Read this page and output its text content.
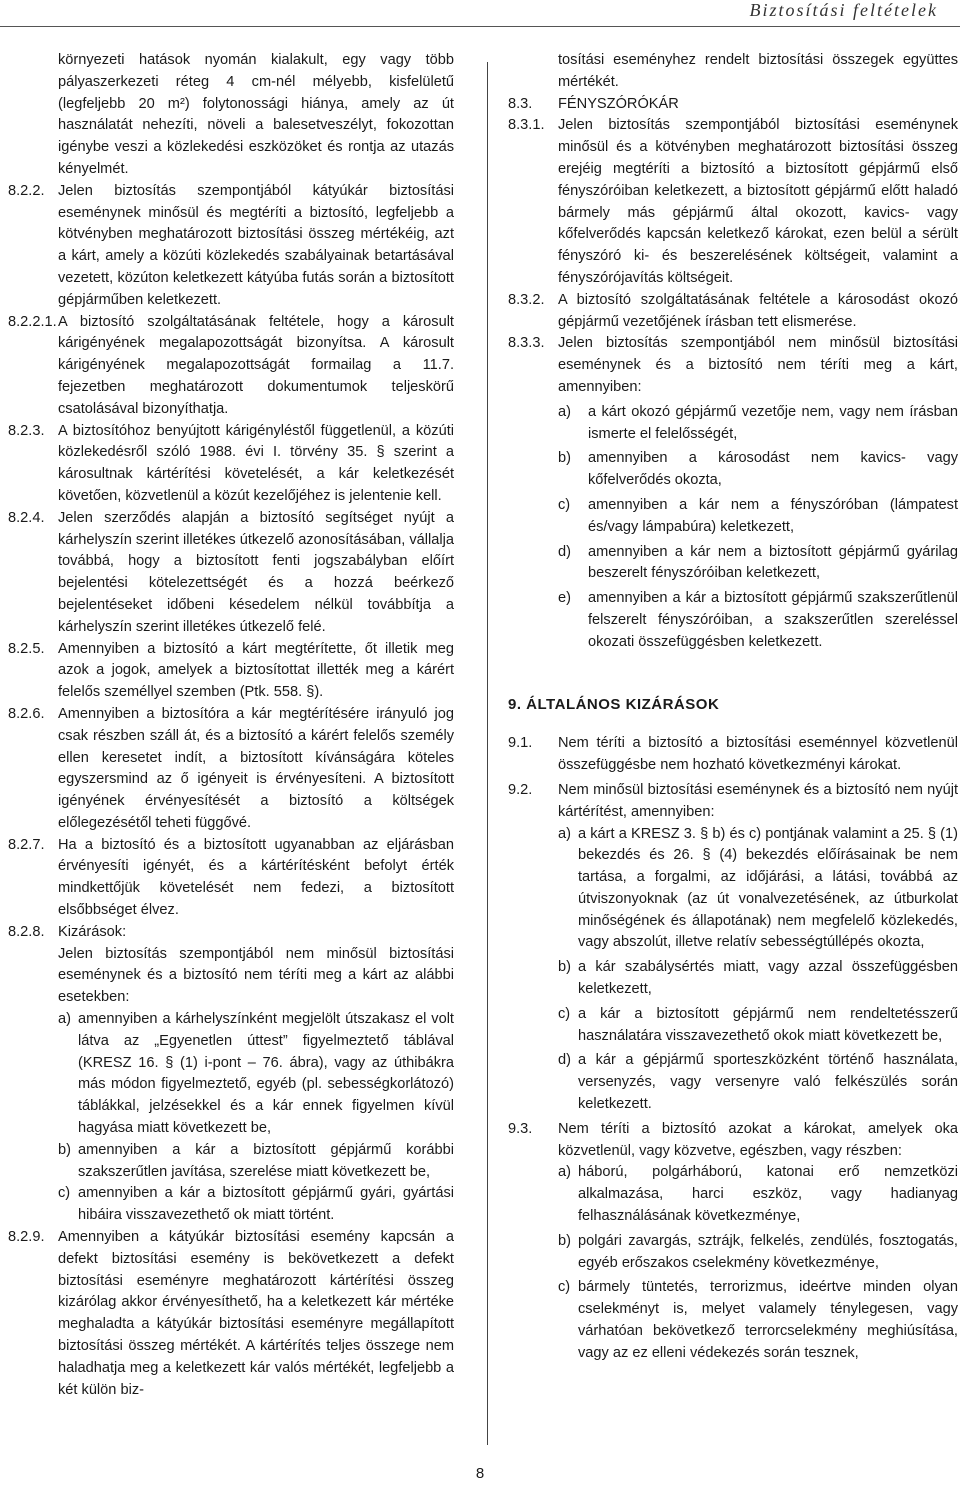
Biztosítási feltételek
környezeti hatások nyomán kialakult, egy vagy több pályaszerkezeti réteg 4 cm-nél mélyebb, kisfelületű (legfeljebb 20 m²) folytonossági hiánya, amely az út használatát nehezíti, növeli a balesetveszélyt, fokozottan igénybe veszi a közlekedési eszközöket és rontja az utazás kényelmét.
8.2.2. Jelen biztosítás szempontjából kátyúkár biztosítási eseménynek minősül és megtéríti a biztosító, legfeljebb a kötvényben meghatározott biztosítási összeg mértékéig, azt a kárt, amely a közúti közlekedés szabályainak betartásával vezetett, közúton keletkezett kátyúba futás során a biztosított gépjárműben keletkezett.
8.2.2.1. A biztosító szolgáltatásának feltétele, hogy a károsult kárigényének megalapozottságát bizonyítsa. A károsult kárigényének megalapozottságát formailag a 11.7. fejezetben meghatározott dokumentumok teljeskörű csatolásával bizonyíthatja.
8.2.3. A biztosítóhoz benyújtott kárigényléstől függetlenül, a közúti közlekedésről szóló 1988. évi I. törvény 35. § szerint a károsultnak kártérítési követelését, a kár keletkezését követően, közvetlenül a közút kezelőjéhez is jelentenie kell.
8.2.4. Jelen szerződés alapján a biztosító segítséget nyújt a kárhelyszín szerint illetékes útkezelő azonosításában, vállalja továbbá, hogy a biztosított fenti jogszabályban előírt bejelentési kötelezettségét és a hozzá beérkező bejelentéseket időbeni késedelem nélkül továbbítja a kárhelyszín szerint illetékes útkezelő felé.
8.2.5. Amennyiben a biztosító a kárt megtérítette, őt illetik meg azok a jogok, amelyek a biztosítottat illették meg a kárért felelős személlyel szemben (Ptk. 558. §).
8.2.6. Amennyiben a biztosítóra a kár megtérítésére irányuló jog csak részben száll át, és a biztosító a kárért felelős személy ellen keresetet indít, a biztosított kívánságára köteles egyszersmind az ő igényeit is érvényesíteni. A biztosított igényének érvényesítését a biztosító a költségek előlegezésétől teheti függővé.
8.2.7. Ha a biztosító és a biztosított ugyanabban az eljárásban érvényesíti igényét, és a kártérítésként befolyt érték mindkettőjük követelését nem fedezi, a biztosított elsőbbséget élvez.
8.2.8. Kizárások:
Jelen biztosítás szempontjából nem minősül biztosítási eseménynek és a biztosító nem téríti meg a kárt az alábbi esetekben:
a) amennyiben a kárhelyszínként megjelölt útszakasz el volt látva az „Egyenetlen úttest” figyelmeztető táblával (KRESZ 16. § (1) i-pont – 76. ábra), vagy az úthibákra más módon figyelmeztető, egyéb (pl. sebességkorlátozó) táblákkal, jelzésekkel és a kár ennek figyelmen kívül hagyása miatt következett be,
b) amennyiben a kár a biztosított gépjármű korábbi szakszerűtlen javítása, szerelése miatt következett be,
c) amennyiben a kár a biztosított gépjármű gyári, gyártási hibáira visszavezethető ok miatt történt.
8.2.9. Amennyiben a kátyúkár biztosítási esemény kapcsán a defekt biztosítási esemény is bekövetkezett a defekt biztosítási eseményre meghatározott kártérítési összeg kizárólag akkor érvényesíthető, ha a keletkezett kár mértéke meghaladta a kátyúkár biztosítási eseményre megállapított biztosítási összeg mértékét. A kártérítés teljes összege nem haladhatja meg a keletkezett kár valós mértékét, legfeljebb a két külön biz-
tosítási eseményhez rendelt biztosítási összegek együttes mértékét.
8.3.	FÉNYSZÓRÓKÁR
8.3.1. Jelen biztosítás szempontjából biztosítási eseménynek minősül és a kötvényben meghatározott biztosítási összeg erejéig megtéríti a biztosító a biztosított gépjármű első fényszóróiban keletkezett, a biztosított gépjármű előtt haladó bármely más gépjármű által okozott, kavics- vagy kőfelverődés kapcsán keletkező károkat, ezen belül a sérült fényszóró ki- és beszerelésének költségeit, valamint a fényszórójavítás költségeit.
8.3.2. A biztosító szolgáltatásának feltétele a károsodást okozó gépjármű vezetőjének írásban tett elismerése.
8.3.3. Jelen biztosítás szempontjából nem minősül biztosítási eseménynek és a biztosító nem téríti meg a kárt, amennyiben:
a)	a kárt okozó gépjármű vezetője nem, vagy nem írásban ismerte el felelősségét,
b)	amennyiben a károsodást nem kavics- vagy kőfelverődés okozta,
c)	amennyiben a kár nem a fényszóróban (lámpatest és/vagy lámpabúra) keletkezett,
d)	amennyiben a kár nem a biztosított gépjármű gyárilag beszerelt fényszóróiban keletkezett,
e)	amennyiben a kár a biztosított gépjármű szakszerűtlenül felszerelt fényszóróiban, a szakszerűtlen szereléssel okozati összefüggésben keletkezett.
9. ÁLTALÁNOS KIZÁRÁSOK
9.1.	Nem téríti a biztosító a biztosítási eseménnyel közvetlenül összefüggésbe nem hozható következményi károkat.
9.2.	Nem minősül biztosítási eseménynek és a biztosító nem nyújt kártérítést, amennyiben:
a) a kárt a KRESZ 3. § b) és c) pontjának valamint a 25. § (1) bekezdés és 26. § (4) bekezdés előírásainak be nem tartása, a forgalmi, az időjárási, a látási, továbbá az útviszonyoknak (az út vonalvezetésének, az útburkolat minőségének és állapotának) nem megfelelő közlekedés, vagy abszolút, illetve relatív sebességtúllépés okozta,
b) a kár szabálysértés miatt, vagy azzal összefüggésben keletkezett,
c) a kár a biztosított gépjármű nem rendeltetésszerű használatára visszavezethető okok miatt következett be,
d) a kár a gépjármű sporteszközként történő használata, versenyzés, vagy versenyre való felkészülés során keletkezett.
9.3.	Nem téríti a biztosító azokat a károkat, amelyek oka közvetlenül, vagy közvetve, egészben, vagy részben:
a) háború, polgárháború, katonai erő nemzetközi alkalmazása, harci eszköz, vagy hadianyag felhasználásának következménye,
b) polgári zavargás, sztrájk, felkelés, zendülés, fosztogatás, egyéb erőszakos cselekmény következménye,
c) bármely tüntetés, terrorizmus, ideértve minden olyan cselekményt is, melyet valamely ténylegesen, vagy várhatóan bekövetkező terrorcselekmény meghiúsítása, vagy az ez elleni védekezés során tesznek,
8
